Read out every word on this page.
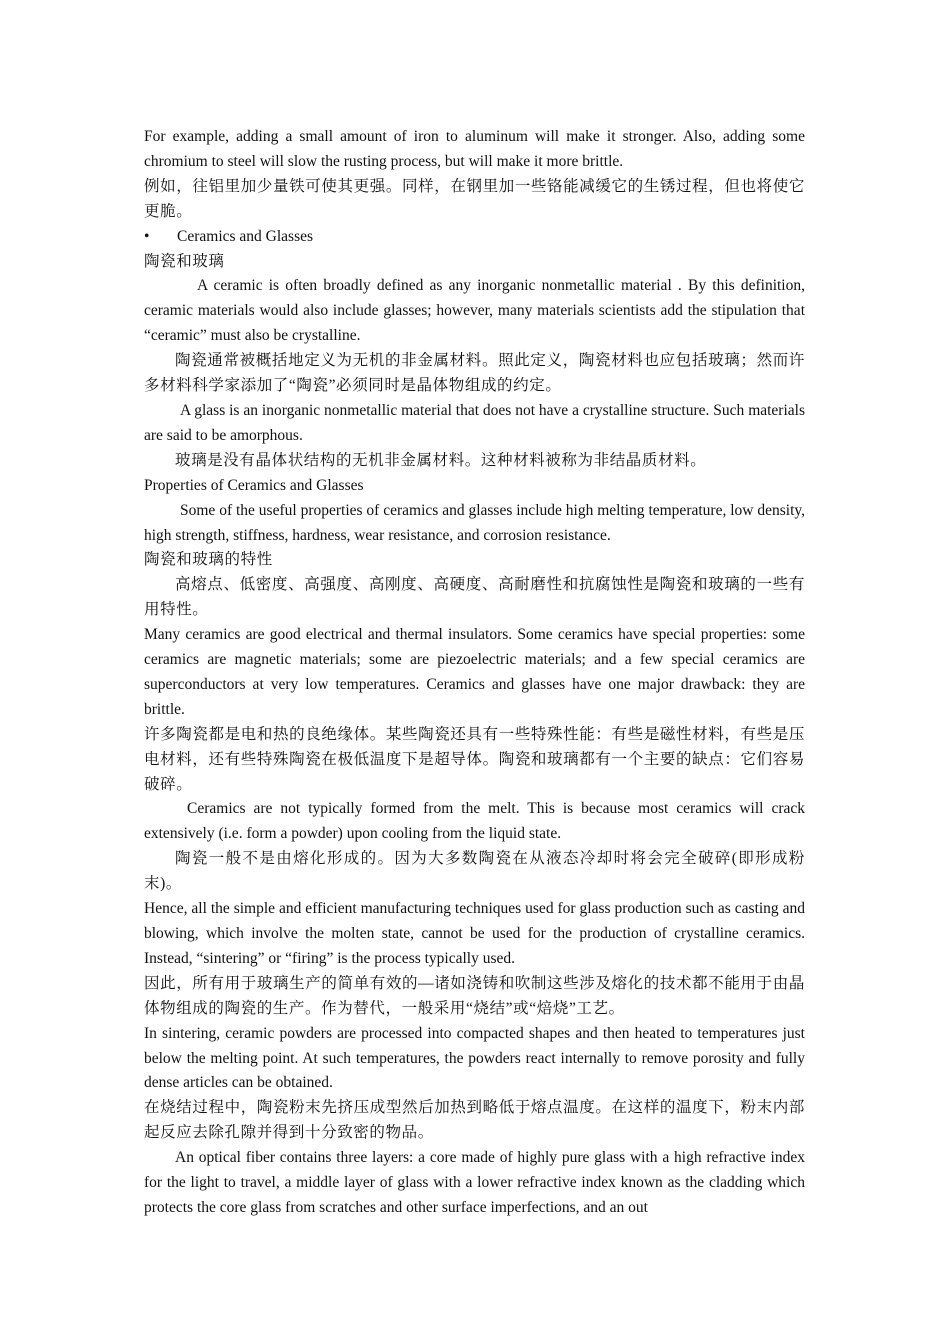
For example, adding a small amount of iron to aluminum will make it stronger. Also, adding some chromium to steel will slow the rusting process, but will make it more brittle.

例如，往铝里加少量铁可使其更强。同样，在钢里加一些铬能减缓它的生锈过程，但也将使它更脆。

•	Ceramics and Glasses

陶瓷和玻璃

A ceramic is often broadly defined as any inorganic nonmetallic material . By this definition, ceramic materials would also include glasses; however, many materials scientists add the stipulation that “ceramic” must also be crystalline.

陶瓷通常被概括地定义为无机的非金属材料。照此定义，陶瓷材料也应包括玻璃；然而许多材料科学家添加了“陶瓷”必须同时是晶体物组成的约定。

A glass is an inorganic nonmetallic material that does not have a crystalline structure. Such materials are said to be amorphous.

玻璃是没有晶体状结构的无机非金属材料。这种材料被称为非结晶质材料。

Properties of Ceramics and Glasses

Some of the useful properties of ceramics and glasses include high melting temperature, low density, high strength, stiffness, hardness, wear resistance, and corrosion resistance.

陶瓷和玻璃的特性

高熔点、低密度、高强度、高刚度、高硬度、高耐磨性和抗腐蚀性是陶瓷和玻璃的一些有用特性。

Many ceramics are good electrical and thermal insulators. Some ceramics have special properties: some ceramics are magnetic materials; some are piezoelectric materials; and a few special ceramics are superconductors at very low temperatures. Ceramics and glasses have one major drawback: they are brittle.

许多陶瓷都是电和热的良绝缘体。某些陶瓷还具有一些特殊性能：有些是磁性材料，有些是压电材料，还有些特殊陶瓷在极低温度下是超导体。陶瓷和玻璃都有一个主要的缺点：它们容易破碎。

Ceramics are not typically formed from the melt. This is because most ceramics will crack extensively (i.e. form a powder) upon cooling from the liquid state.

陶瓷一般不是由熔化形成的。因为大多数陶瓷在从液态冷却时将会完全破碎(即形成粉末)。

Hence, all the simple and efficient manufacturing techniques used for glass production such as casting and blowing, which involve the molten state, cannot be used for the production of crystalline ceramics. Instead, “sintering” or “firing” is the process typically used.

因此，所有用于玻璃生产的简单有效的—诸如浇铸和吹制这些涉及熔化的技术都不能用于由晶体物组成的陶瓷的生产。作为替代，一般采用“烧结”或“焙烧”工艺。

In sintering, ceramic powders are processed into compacted shapes and then heated to temperatures just below the melting point. At such temperatures, the powders react internally to remove porosity and fully dense articles can be obtained.

在烧结过程中，陶瓷粉末先挤压成型然后加热到略低于熔点温度。在这样的温度下，粉末内部起反应去除孔隙并得到十分致密的物品。

An optical fiber contains three layers: a core made of highly pure glass with a high refractive index for the light to travel, a middle layer of glass with a lower refractive index known as the cladding which protects the core glass from scratches and other surface imperfections, and an out
